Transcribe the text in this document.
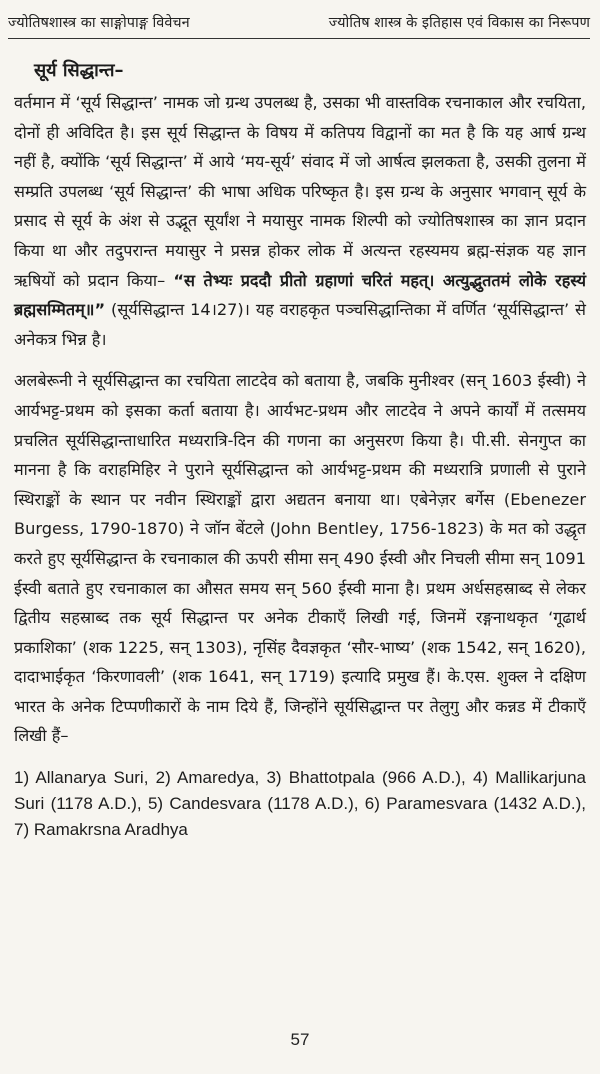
ज्योतिषशास्त्र का साङ्गोपाङ्ग विवेचन	ज्योतिष शास्त्र के इतिहास एवं विकास का निरूपण
सूर्य सिद्धान्त–

वर्तमान में ‘सूर्य सिद्धान्त’ नामक जो ग्रन्थ उपलब्ध है, उसका भी वास्तविक रचनाकाल और रचयिता, दोनों ही अविदित है। इस सूर्य सिद्धान्त के विषय में कतिपय विद्वानों का मत है कि यह आर्ष ग्रन्थ नहीं है, क्योंकि ‘सूर्य सिद्धान्त’ में आये ‘मय-सूर्य’ संवाद में जो आर्षत्व झलकता है, उसकी तुलना में सम्प्रति उपलब्ध ‘सूर्य सिद्धान्त’ की भाषा अधिक परिष्कृत है। इस ग्रन्थ के अनुसार भगवान् सूर्य के प्रसाद से सूर्य के अंश से उद्भूत सूर्यांश ने मयासुर नामक शिल्पी को ज्योतिषशास्त्र का ज्ञान प्रदान किया था और तदुपरान्त मयासुर ने प्रसन्न होकर लोक में अत्यन्त रहस्यमय ब्रह्म-संज्ञक यह ज्ञान ऋषियों को प्रदान किया– “स तेभ्यः प्रददौ प्रीतो ग्रहाणां चरितं महत्। अत्युद्भुततमं लोके रहस्यं ब्रह्मसम्मितम्॥” (सूर्यसिद्धान्त 14।27)। यह वराहकृत पञ्चसिद्धान्तिका में वर्णित ‘सूर्यसिद्धान्त’ से अनेकत्र भिन्न है।

अलबेरूनी ने सूर्यसिद्धान्त का रचयिता लाटदेव को बताया है, जबकि मुनीश्वर (सन् 1603 ईस्वी) ने आर्यभट्ट-प्रथम को इसका कर्ता बताया है। आर्यभट-प्रथम और लाटदेव ने अपने कार्यों में तत्समय प्रचलित सूर्यसिद्धान्ताधारित मध्यरात्रि-दिन की गणना का अनुसरण किया है। पी.सी. सेनगुप्त का मानना है कि वराहमिहिर ने पुराने सूर्यसिद्धान्त को आर्यभट्ट-प्रथम की मध्यरात्रि प्रणाली से पुराने स्थिराङ्कों के स्थान पर नवीन स्थिराङ्कों द्वारा अद्यतन बनाया था। एबेनेज़र बर्गेस (Ebenezer Burgess, 1790-1870) ने जॉन बेंटले (John Bentley, 1756-1823) के मत को उद्धृत करते हुए सूर्यसिद्धान्त के रचनाकाल की ऊपरी सीमा सन् 490 ईस्वी और निचली सीमा सन् 1091 ईस्वी बताते हुए रचनाकाल का औसत समय सन् 560 ईस्वी माना है। प्रथम अर्धसहस्राब्द से लेकर द्वितीय सहस्राब्द तक सूर्य सिद्धान्त पर अनेक टीकाएँ लिखी गई, जिनमें रङ्गनाथकृत ‘गूढार्थ प्रकाशिका’ (शक 1225, सन् 1303), नृसिंह दैवज्ञकृत ‘सौर-भाष्य’ (शक 1542, सन् 1620), दादाभाईकृत ‘किरणावली’ (शक 1641, सन् 1719) इत्यादि प्रमुख हैं। के.एस. शुक्ल ने दक्षिण भारत के अनेक टिप्पणीकारों के नाम दिये हैं, जिन्होंने सूर्यसिद्धान्त पर तेलुगु और कन्नड में टीकाएँ लिखी हैं–

1) Allanarya Suri, 2) Amaredya, 3) Bhattotpala (966 A.D.), 4) Mallikarjuna Suri (1178 A.D.), 5) Candesvara (1178 A.D.), 6) Paramesvara (1432 A.D.), 7) Ramakrsna Aradhya

57
